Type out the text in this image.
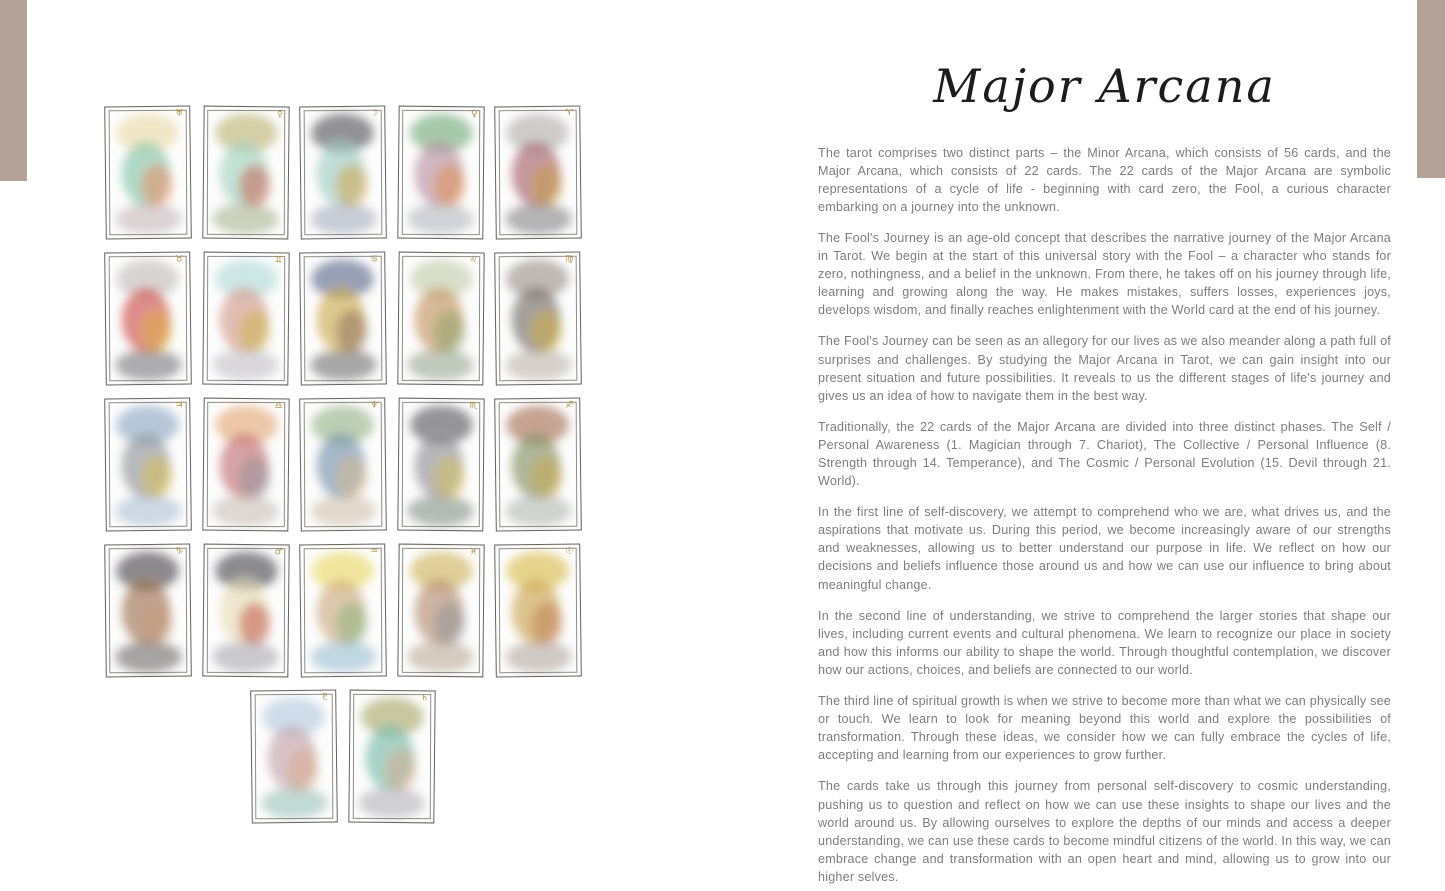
♅	☿	☽	♀	♈
♉	♊	♋	♌	♍
♃	♎	♆	♏	♐
♑	♂	♒	♓	☉
♇	♄
Major Arcana

The tarot comprises two distinct parts – the Minor Arcana, which consists of 56 cards, and the Major Arcana, which consists of 22 cards. The 22 cards of the Major Arcana are symbolic representations of a cycle of life - beginning with card zero, the Fool, a curious character embarking on a journey into the unknown.

The Fool's Journey is an age-old concept that describes the narrative journey of the Major Arcana in Tarot. We begin at the start of this universal story with the Fool – a character who stands for zero, nothingness, and a belief in the unknown. From there, he takes off on his journey through life, learning and growing along the way. He makes mistakes, suffers losses, experiences joys, develops wisdom, and finally reaches enlightenment with the World card at the end of his journey.

The Fool's Journey can be seen as an allegory for our lives as we also meander along a path full of surprises and challenges. By studying the Major Arcana in Tarot, we can gain insight into our present situation and future possibilities. It reveals to us the different stages of life's journey and gives us an idea of how to navigate them in the best way.

Traditionally, the 22 cards of the Major Arcana are divided into three distinct phases. The Self / Personal Awareness (1. Magician through 7. Chariot), The Collective / Personal Influence (8. Strength through 14. Temperance), and The Cosmic / Personal Evolution (15. Devil through 21. World).

In the first line of self-discovery, we attempt to comprehend who we are, what drives us, and the aspirations that motivate us. During this period, we become increasingly aware of our strengths and weaknesses, allowing us to better understand our purpose in life. We reflect on how our decisions and beliefs influence those around us and how we can use our influence to bring about meaningful change.

In the second line of understanding, we strive to comprehend the larger stories that shape our lives, including current events and cultural phenomena. We learn to recognize our place in society and how this informs our ability to shape the world. Through thoughtful contemplation, we discover how our actions, choices, and beliefs are connected to our world.

The third line of spiritual growth is when we strive to become more than what we can physically see or touch. We learn to look for meaning beyond this world and explore the possibilities of transformation. Through these ideas, we consider how we can fully embrace the cycles of life, accepting and learning from our experiences to grow further.

The cards take us through this journey from personal self-discovery to cosmic understanding, pushing us to question and reflect on how we can use these insights to shape our lives and the world around us. By allowing ourselves to explore the depths of our minds and access a deeper understanding, we can use these cards to become mindful citizens of the world. In this way, we can embrace change and transformation with an open heart and mind, allowing us to grow into our higher selves.
